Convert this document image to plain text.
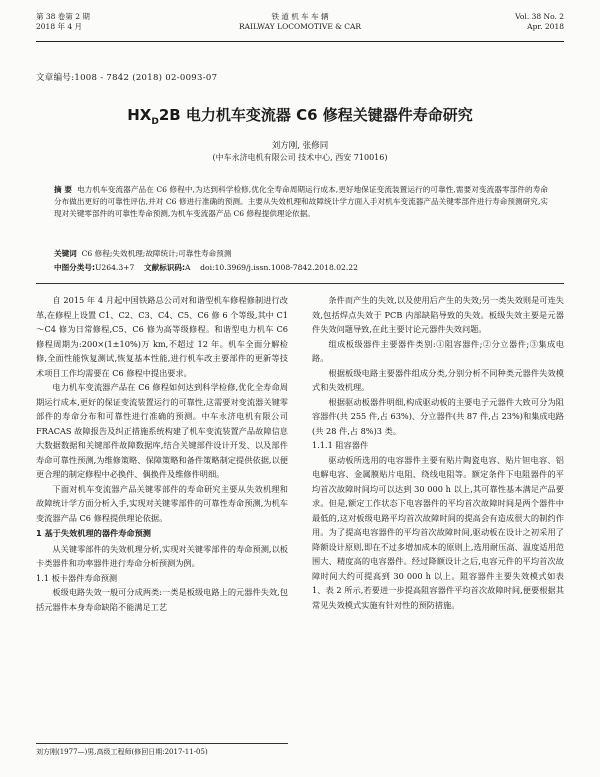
第 38 卷第 2 期
2018 年 4 月
铁 道 机 车 车 辆
RAILWAY LOCOMOTIVE & CAR
Vol. 38 No. 2
Apr. 2018
文章编号:1008 - 7842 (2018) 02-0093-07
$HX_D2B$ 电力机车变流器 C6 修程关键器件寿命研究
刘方刚, 张修同
(中车永济电机有限公司 技术中心, 西安 710016)
摘 要 电力机车变流器产品在 C6 修程中,为达到科学检修,优化全寿命周期运行成本,更好地保证变流装置运行的可靠性,需要对变流器零部件的寿命分布做出更好的可靠性评估,并对 C6 修进行准确的预测。主要从失效机理和故障统计学方面入手对机车变流器产品关键零部件进行寿命预测研究,实现对关键零部件的可靠性寿命预测,为机车变流器产品 C6 修程提供理论依据。
关键词 C6 修程;失效机理;故障统计;可靠性寿命预测
中图分类号:U264.3+7 文献标识码:A doi:10.3969/j.issn.1008-7842.2018.02.22

自 2015 年 4 月起中国铁路总公司对和谐型机车修程修制进行改革,在修程上设置 C1、C2、C3、C4、C5、C6 修 6 个等级,其中 C1～C4 修为日常修程,C5、C6 修为高等级修程。和谐型电力机车 C6 修程周期为:200×(1±10%)万 km,不超过 12 年。机车全面分解检修,全面性能恢复测试,恢复基本性能,进行机车改主要部件的更新等技术项目工作均需要在 C6 修程中提出要求。

电力机车变流器产品在 C6 修程如何达到科学检修,优化全寿命周期运行成本,更好的保证变流装置运行的可靠性,这需要对变流器关键零部件的寿命分布和可靠性进行准确的预测。中车永济电机有限公司 FRACAS 故障报告及纠正措施系统构建了机车变流装置产品故障信息大数据数据和关键部件故障数据库,结合关键部件设计开发、以及部件寿命可靠性预测,为维修策略、保障策略和备件策略制定提供依据,以便更合理的制定修程中必换件、偶换件及维修件明细。

下面对机车变流器产品关键零部件的寿命研究主要从失效机理和故障统计学方面分析入手,实现对关键零部件的可靠性寿命预测,为机车变流器产品 C6 修程提供理论依据。

1 基于失效机理的器件寿命预测

从关键零部件的失效机理分析,实现对关键零部件的寿命预测,以板卡类器件和功率器件进行寿命分析预测为例。

1.1 板卡器件寿命预测

板级电路失效一般可分成两类:一类是板级电路上的元器件失效,包括元器件本身寿命缺陷不能满足工艺

条件而产生的失效,以及使用后产生的失效;另一类失效则是可连失效,包括焊点失效于 PCB 内部缺陷导致的失效。板级失效主要是元器件失效问题导致,在此主要讨论元器件失效问题。

组成板级器件主要器件类别:①阻容器件;②分立器件;③集成电路。

根据板级电路主要器件组成分类,分别分析不同种类元器件失效模式和失效机理。

根据驱动板器件明细,构成驱动板的主要电子元器件大致可分为阻容器件(共 255 件,占 63%)、分立器件(共 87 件,占 23%)和集成电路(共 28 件,占 8%)3 类。

1.1.1 阻容器件

驱动板所选用的电容器件主要有贴片陶瓷电容、贴片钽电容、铝电解电容、金属膜贴片电阻、绕线电阻等。额定条件下电阻器件的平均首次故障时间均可以达到 30 000 h 以上,其可靠性基本满足产品要求。但是,额定工作状态下电容器件的平均首次故障时间是两个器件中最低的,这对板级电路平均首次故障时间的提高会有造成很大的制约作用。为了提高电容器件的平均首次故障时间,驱动板在设计之初采用了降额设计原则,即在不过多增加成本的原则上,选用耐压高、温度适用范围大、精度高的电容器件。经过降额设计之后,电容元件的平均首次故障时间大约可提高到 30 000 h 以上。阻容器件主要失效模式如表 1、表 2 所示,若要进一步提高阻容器件平均首次故障时间,便要根据其常见失效模式实施有针对性的预防措施。

刘方刚(1977—)男,高级工程师(修回日期:2017-11-05)
